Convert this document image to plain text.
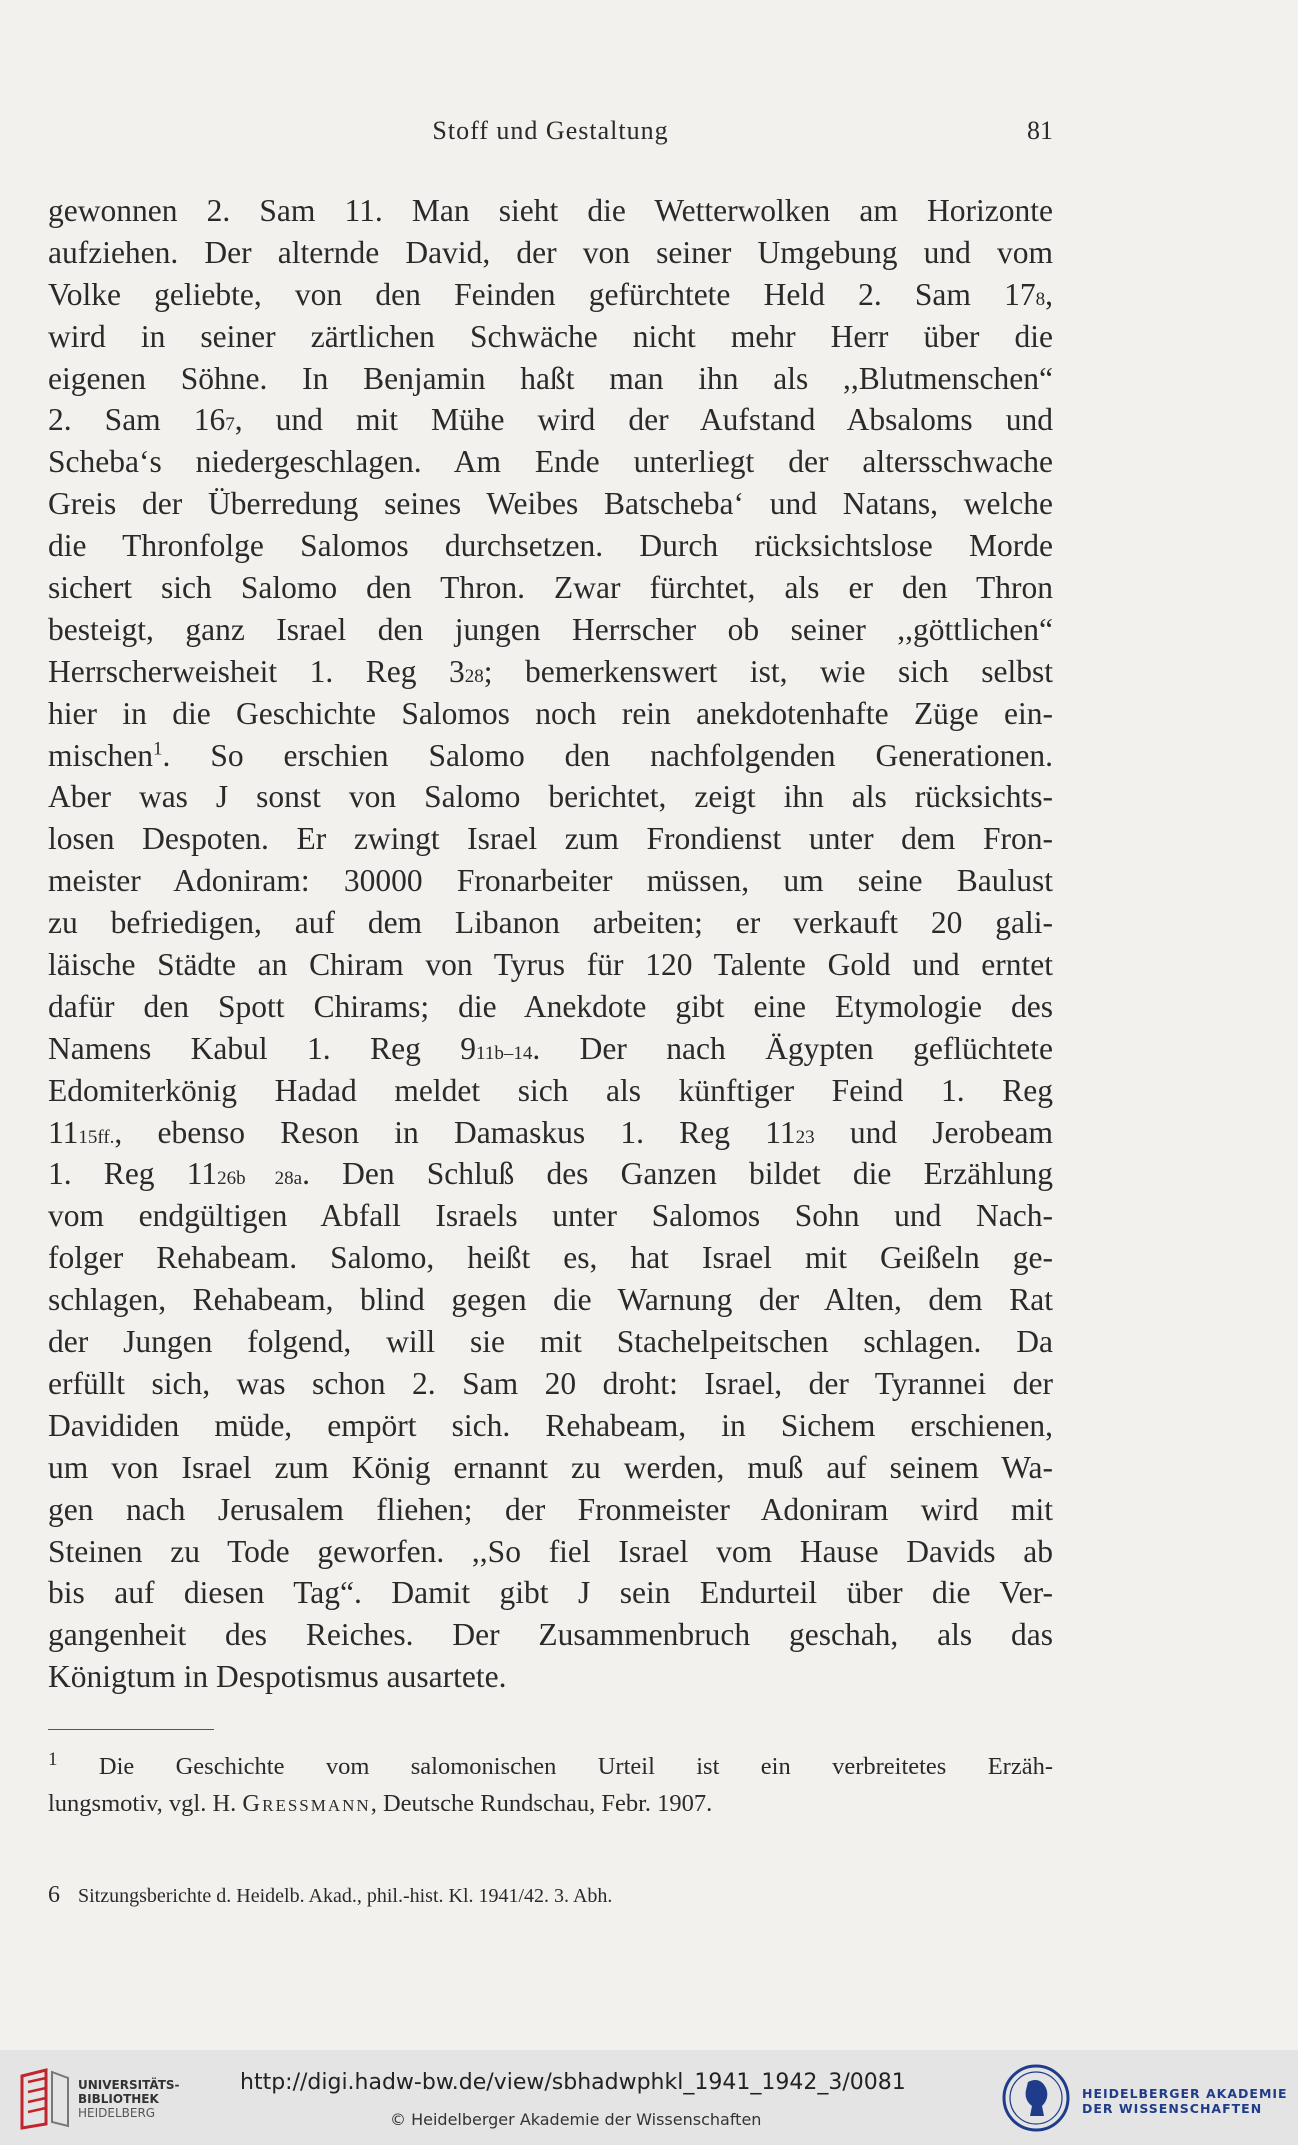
Stoff und Gestaltung	81
gewonnen 2. Sam 11. Man sieht die Wetterwolken am Horizonte
aufziehen. Der alternde David, der von seiner Umgebung und vom
Volke geliebte, von den Feinden gefürchtete Held 2. Sam 178,
wird in seiner zärtlichen Schwäche nicht mehr Herr über die
eigenen Söhne. In Benjamin haßt man ihn als ,,Blutmenschen“
2. Sam 167, und mit Mühe wird der Aufstand Absaloms und
Scheba‘s niedergeschlagen. Am Ende unterliegt der altersschwache
Greis der Überredung seines Weibes Batscheba‘ und Natans, welche
die Thronfolge Salomos durchsetzen. Durch rücksichtslose Morde
sichert sich Salomo den Thron. Zwar fürchtet, als er den Thron
besteigt, ganz Israel den jungen Herrscher ob seiner ,,göttlichen“
Herrscherweisheit 1. Reg 328; bemerkenswert ist, wie sich selbst
hier in die Geschichte Salomos noch rein anekdotenhafte Züge ein-
mischen$^1$. So erschien Salomo den nachfolgenden Generationen.
Aber was J sonst von Salomo berichtet, zeigt ihn als rücksichts-
losen Despoten. Er zwingt Israel zum Frondienst unter dem Fron-
meister Adoniram: 30000 Fronarbeiter müssen, um seine Baulust
zu befriedigen, auf dem Libanon arbeiten; er verkauft 20 gali-
läische Städte an Chiram von Tyrus für 120 Talente Gold und erntet
dafür den Spott Chirams; die Anekdote gibt eine Etymologie des
Namens Kabul 1. Reg 911b–14. Der nach Ägypten geflüchtete
Edomiterkönig Hadad meldet sich als künftiger Feind 1. Reg
1115ff., ebenso Reson in Damaskus 1. Reg 1123 und Jerobeam
1. Reg 1126b 28a. Den Schluß des Ganzen bildet die Erzählung
vom endgültigen Abfall Israels unter Salomos Sohn und Nach-
folger Rehabeam. Salomo, heißt es, hat Israel mit Geißeln ge-
schlagen, Rehabeam, blind gegen die Warnung der Alten, dem Rat
der Jungen folgend, will sie mit Stachelpeitschen schlagen. Da
erfüllt sich, was schon 2. Sam 20 droht: Israel, der Tyrannei der
Davididen müde, empört sich. Rehabeam, in Sichem erschienen,
um von Israel zum König ernannt zu werden, muß auf seinem Wa-
gen nach Jerusalem fliehen; der Fronmeister Adoniram wird mit
Steinen zu Tode geworfen. ,,So fiel Israel vom Hause Davids ab
bis auf diesen Tag“. Damit gibt J sein Endurteil über die Ver-
gangenheit des Reiches. Der Zusammenbruch geschah, als das
Königtum in Despotismus ausartete.
$^1$ Die Geschichte vom salomonischen Urteil ist ein verbreitetes Erzäh-
lungsmotiv, vgl. H. Gressmann, Deutsche Rundschau, Febr. 1907.
6 Sitzungsberichte d. Heidelb. Akad., phil.-hist. Kl. 1941/42. 3. Abh.
UNIVERSITÄTS-
BIBLIOTHEK
HEIDELBERG
http://digi.hadw-bw.de/view/sbhadwphkl_1941_1942_3/0081
© Heidelberger Akademie der Wissenschaften
HEIDELBERGER AKADEMIE
DER WISSENSCHAFTEN
